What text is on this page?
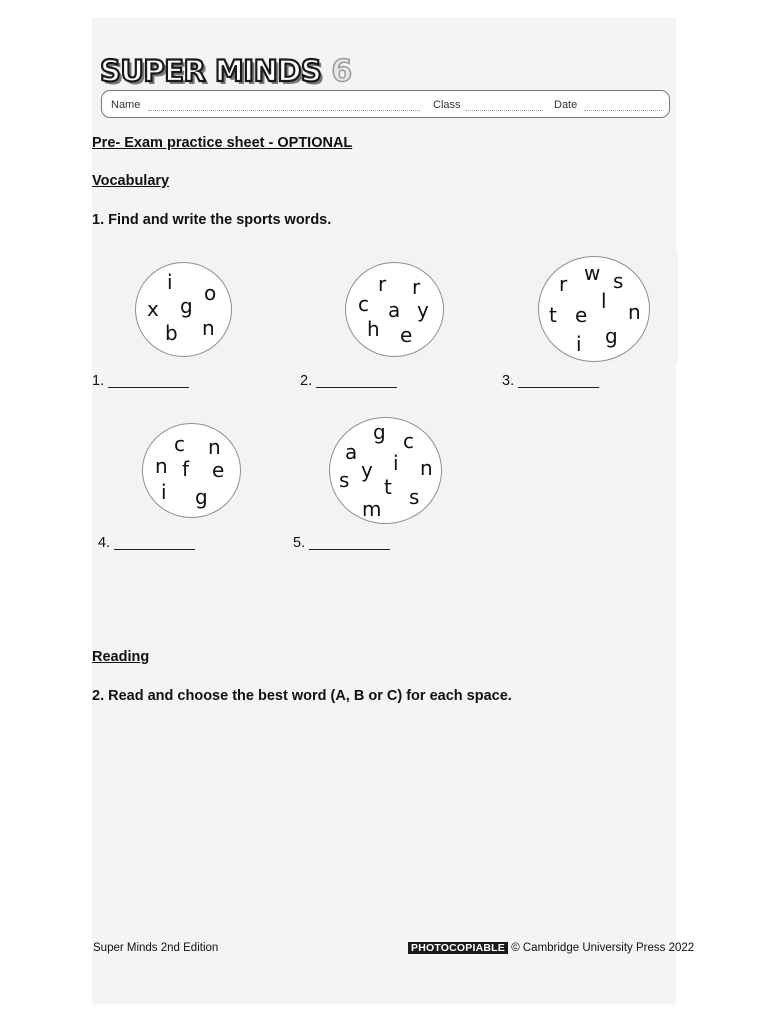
SUPER MINDS 6
Name	Class	Date
Pre- Exam practice sheet - OPTIONAL
Vocabulary
1. Find and write the sports words.
i o
x g
b n
1. __________
r r
c a y
h e
2. __________
r w s
l
t e n
i g
3. __________
c n
n f e
i g
4. __________
g c
a i
y n
s t s
m
5. __________
Reading
2. Read and choose the best word (A, B or C) for each space.
Super Minds 2nd Edition	PHOTOCOPIABLE © Cambridge University Press 2022
